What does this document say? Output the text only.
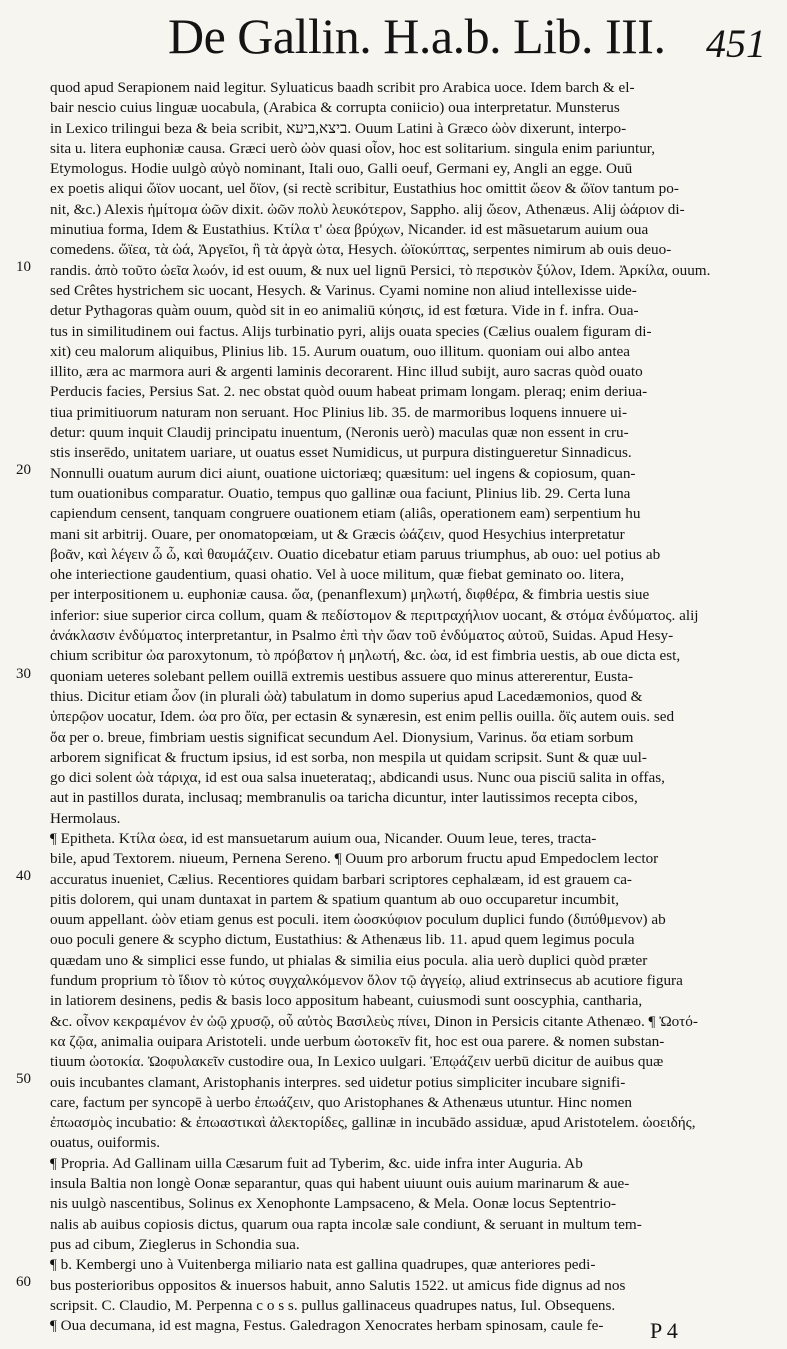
De Gallin. H.a.b. Lib. III. 451
10
20
30
40
50
60
quod apud Serapionem naid legitur. Syluaticus baadh scribit pro Arabica uoce. Idem barch & el-
bair nescio cuius linguæ uocabula, (Arabica & corrupta coniicio) oua interpretatur. Munsterus
in Lexico trilingui beza & beia scribit, ביצא,ביעא. Ouum Latini à Græco ὠὸν dixerunt, interpo-
sita u. litera euphoniæ causa. Græci uerò ὠὸν quasi οἶον, hoc est solitarium. singula enim pariuntur,
Etymologus. Hodie uulgò αὐγὸ nominant, Itali ouo, Galli oeuf, Germani ey, Angli an egge. Ouū
ex poetis aliqui ὤϊον uocant, uel ὄϊον, (si rectè scribitur, Eustathius hoc omittit ὤεον & ὤϊον tantum po-
nit, &c.) Alexis ἡμίτομα ὠῶν dixit. ὠῶν πολὺ λευκότερον, Sappho. alij ὤεον, Athenæus. Alij ὠάριον di-
minutiua forma, Idem & Eustathius. Κτίλα τ' ὠεα βρύχων, Nicander. id est mãsuetarum auium oua
comedens. ὤϊεα, τὰ ὠά, Ἀργεῖοι, ἢ τὰ ἀργὰ ὠτα, Hesych. ὠϊοκύπτας, serpentes nimirum ab ouis deuo-
randis. ἀπὸ τοῦτο ὠεῖα λωόν, id est ouum, & nux uel lignū Persici, τὸ περσικὸν ξύλον, Idem. Ἀρκίλα, ouum.
sed Crêtes hystrichem sic uocant, Hesych. & Varinus. Cyami nomine non aliud intellexisse uide-
detur Pythagoras quàm ouum, quòd sit in eo animaliū κύησις, id est fœtura. Vide in f. infra. Oua-
tus in similitudinem oui factus. Alijs turbinatio pyri, alijs ouata species (Cælius oualem figuram di-
xit) ceu malorum aliquibus, Plinius lib. 15. Aurum ouatum, ouo illitum. quoniam oui albo antea
illito, æra ac marmora auri & argenti laminis decorarent. Hinc illud subijt, auro sacras quòd ouato
Perducis facies, Persius Sat. 2. nec obstat quòd ouum habeat primam longam. pleraq; enim deriua-
tiua primitiuorum naturam non seruant. Hoc Plinius lib. 35. de marmoribus loquens innuere ui-
detur: quum inquit Claudij principatu inuentum, (Neronis uerò) maculas quæ non essent in cru-
stis inserēdo, unitatem uariare, ut ouatus esset Numidicus, ut purpura distingueretur Sinnadicus.
Nonnulli ouatum aurum dici aiunt, ouatione uictoriæq; quæsitum: uel ingens & copiosum, quan-
tum ouationibus comparatur. Ouatio, tempus quo gallinæ oua faciunt, Plinius lib. 29. Certa luna
capiendum censent, tanquam congruere ouationem etiam (aliâs, operationem eam) serpentium hu
mani sit arbitrij. Ouare, per onomatopœiam, ut & Græcis ὠάζειν, quod Hesychius interpretatur
βοᾶν, καὶ λέγειν ὦ ὦ, καὶ θαυμάζειν. Ouatio dicebatur etiam paruus triumphus, ab ouo: uel potius ab
ohe interiectione gaudentium, quasi ohatio. Vel à uoce militum, quæ fiebat geminato oo. litera,
per interpositionem u. euphoniæ causa. ὤα, (penanflexum) μηλωτή, διφθέρα, & fimbria uestis siue
inferior: siue superior circa collum, quam & πεδίστομον & περιτραχήλιον uocant, & στόμα ἐνδύματος. alij
ἀνάκλασιν ἐνδύματος interpretantur, in Psalmo ἐπὶ τὴν ὤαν τοῦ ἐνδύματος αὐτοῦ, Suidas. Apud Hesy-
chium scribitur ὠα paroxytonum, τὸ πρόβατον ἡ μηλωτή, &c. ὠα, id est fimbria uestis, ab oue dicta est,
quoniam ueteres solebant pellem ouillā extremis uestibus assuere quo minus attererentur, Eusta-
thius. Dicitur etiam ὦον (in plurali ὠὰ) tabulatum in domo superius apud Lacedæmonios, quod &
ὑπερῷον uocatur, Idem. ὠα pro ὄϊα, per ectasin & synæresin, est enim pellis ouilla. ὄϊς autem ouis. sed
ὄα per o. breue, fimbriam uestis significat secundum Ael. Dionysium, Varinus. ὄα etiam sorbum
arborem significat & fructum ipsius, id est sorba, non mespila ut quidam scripsit. Sunt & quæ uul-
go dici solent ὠὰ τάριχα, id est oua salsa inueterataq;, abdicandi usus. Nunc oua pisciū salita in offas,
aut in pastillos durata, inclusaq; membranulis oa taricha dicuntur, inter lautissimos recepta cibos,
Hermolaus.
¶ Epitheta. Κτίλα ὠεα, id est mansuetarum auium oua, Nicander. Ouum leue, teres, tracta-
bile, apud Textorem. niueum, Pernena Sereno. ¶ Ouum pro arborum fructu apud Empedoclem lector
accuratus inueniet, Cælius. Recentiores quidam barbari scriptores cephalæam, id est grauem ca-
pitis dolorem, qui unam duntaxat in partem & spatium quantum ab ouo occuparetur incumbit,
ouum appellant. ὠὸν etiam genus est poculi. item ὠοσκύφιον poculum duplici fundo (διπύθμενον) ab
ouo poculi genere & scypho dictum, Eustathius: & Athenæus lib. 11. apud quem legimus pocula
quædam uno & simplici esse fundo, ut phialas & similia eius pocula. alia uerò duplici quòd præter
fundum proprium τὸ ἴδιον τὸ κύτος συγχαλκόμενον ὅλον τῷ ἀγγείῳ, aliud extrinsecus ab acutiore figura
in latiorem desinens, pedis & basis loco appositum habeant, cuiusmodi sunt ooscyphia, cantharia,
&c. οἶνον κεκραμένον ἐν ὠῷ χρυσῷ, οὗ αὐτὸς Βασιλεὺς πίνει, Dinon in Persicis citante Athenæo. ¶ Ὠοτό-
κα ζῷα, animalia ouipara Aristoteli. unde uerbum ὠοτοκεῖν fit, hoc est oua parere. & nomen substan-
tiuum ὠοτοκία. Ὠοφυλακεῖν custodire oua, In Lexico uulgari. Ἐπῳάζειν uerbū dicitur de auibus quæ
ouis incubantes clamant, Aristophanis interpres. sed uidetur potius simpliciter incubare signifi-
care, factum per syncopē à uerbo ἐπωάζειν, quo Aristophanes & Athenæus utuntur. Hinc nomen
ἐπωασμὸς incubatio: & ἐπωαστικαὶ ἀλεκτορίδες, gallinæ in incubādo assiduæ, apud Aristotelem. ὠοειδής,
ouatus, ouiformis.
¶ Propria. Ad Gallinam uilla Cæsarum fuit ad Tyberim, &c. uide infra inter Auguria. Ab
insula Baltia non longè Oonæ separantur, quas qui habent uiuunt ouis auium marinarum & aue-
nis uulgò nascentibus, Solinus ex Xenophonte Lampsaceno, & Mela. Oonæ locus Septentrio-
nalis ab auibus copiosis dictus, quarum oua rapta incolæ sale condiunt, & seruant in multum tem-
pus ad cibum, Zieglerus in Schondia sua.
¶ b. Kembergi uno à Vuitenberga miliario nata est gallina quadrupes, quæ anteriores pedi-
bus posterioribus oppositos & inuersos habuit, anno Salutis 1522. ut amicus fide dignus ad nos
scripsit. C. Claudio, M. Perpenna c o s s. pullus gallinaceus quadrupes natus, Iul. Obsequens.
¶ Oua decumana, id est magna, Festus. Galedragon Xenocrates herbam spinosam, caule fe-	P 4
